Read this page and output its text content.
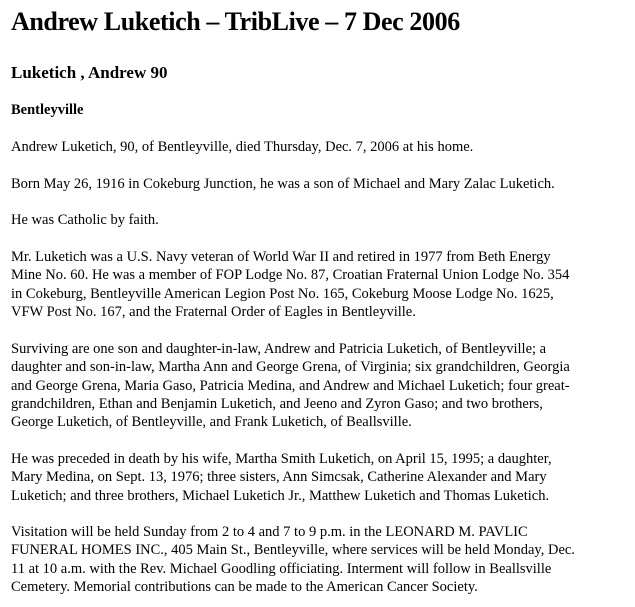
Andrew Luketich – TribLive – 7 Dec 2006
Luketich , Andrew 90
Bentleyville

Andrew Luketich, 90, of Bentleyville, died Thursday, Dec. 7, 2006 at his home.

Born May 26, 1916 in Cokeburg Junction, he was a son of Michael and Mary Zalac Luketich.

He was Catholic by faith.

Mr. Luketich was a U.S. Navy veteran of World War II and retired in 1977 from Beth Energy
Mine No. 60. He was a member of FOP Lodge No. 87, Croatian Fraternal Union Lodge No. 354
in Cokeburg, Bentleyville American Legion Post No. 165, Cokeburg Moose Lodge No. 1625,
VFW Post No. 167, and the Fraternal Order of Eagles in Bentleyville.

Surviving are one son and daughter-in-law, Andrew and Patricia Luketich, of Bentleyville; a
daughter and son-in-law, Martha Ann and George Grena, of Virginia; six grandchildren, Georgia
and George Grena, Maria Gaso, Patricia Medina, and Andrew and Michael Luketich; four great-
grandchildren, Ethan and Benjamin Luketich, and Jeeno and Zyron Gaso; and two brothers,
George Luketich, of Bentleyville, and Frank Luketich, of Beallsville.

He was preceded in death by his wife, Martha Smith Luketich, on April 15, 1995; a daughter,
Mary Medina, on Sept. 13, 1976; three sisters, Ann Simcsak, Catherine Alexander and Mary
Luketich; and three brothers, Michael Luketich Jr., Matthew Luketich and Thomas Luketich.

Visitation will be held Sunday from 2 to 4 and 7 to 9 p.m. in the LEONARD M. PAVLIC
FUNERAL HOMES INC., 405 Main St., Bentleyville, where services will be held Monday, Dec.
11 at 10 a.m. with the Rev. Michael Goodling officiating. Interment will follow in Beallsville
Cemetery. Memorial contributions can be made to the American Cancer Society.
